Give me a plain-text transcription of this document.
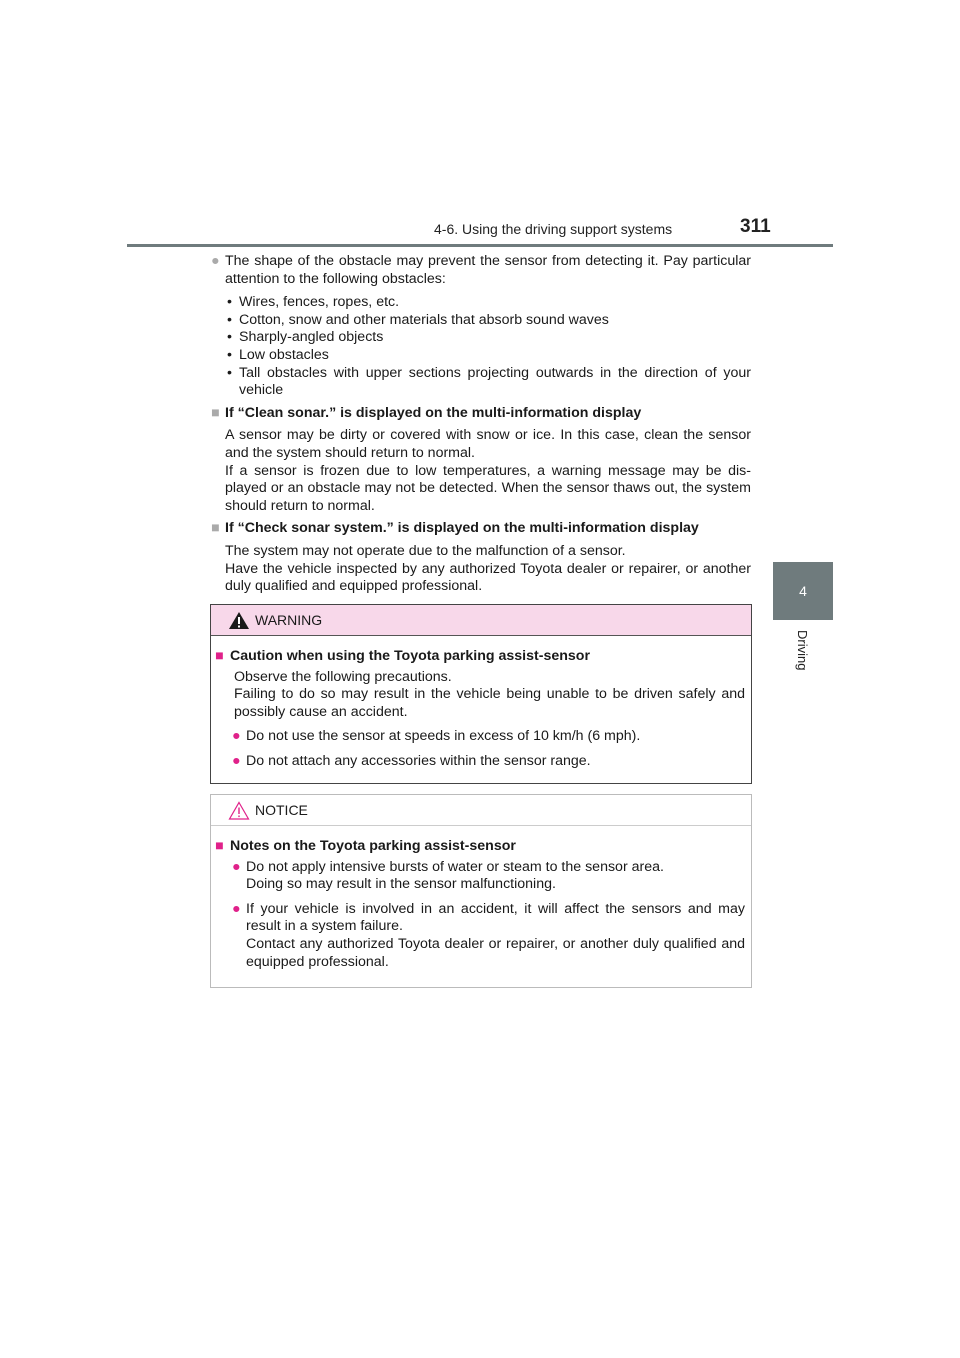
4-6. Using the driving support systems	311
4
Driving
● The shape of the obstacle may prevent the sensor from detecting it. Pay particular attention to the following obstacles:
• Wires, fences, ropes, etc.
• Cotton, snow and other materials that absorb sound waves
• Sharply-angled objects
• Low obstacles
• Tall obstacles with upper sections projecting outwards in the direction of your vehicle
■ If “Clean sonar.” is displayed on the multi-information display
A sensor may be dirty or covered with snow or ice. In this case, clean the sensor and the system should return to normal.
If a sensor is frozen due to low temperatures, a warning message may be dis-played or an obstacle may not be detected. When the sensor thaws out, the system should return to normal.
■ If “Check sonar system.” is displayed on the multi-information display
The system may not operate due to the malfunction of a sensor.
Have the vehicle inspected by any authorized Toyota dealer or repairer, or another duly qualified and equipped professional.
WARNING
■ Caution when using the Toyota parking assist-sensor
Observe the following precautions.
Failing to do so may result in the vehicle being unable to be driven safely and possibly cause an accident.
● Do not use the sensor at speeds in excess of 10 km/h (6 mph).
● Do not attach any accessories within the sensor range.
NOTICE
■ Notes on the Toyota parking assist-sensor
● Do not apply intensive bursts of water or steam to the sensor area.
Doing so may result in the sensor malfunctioning.
● If your vehicle is involved in an accident, it will affect the sensors and may result in a system failure.
Contact any authorized Toyota dealer or repairer, or another duly qualified and equipped professional.
